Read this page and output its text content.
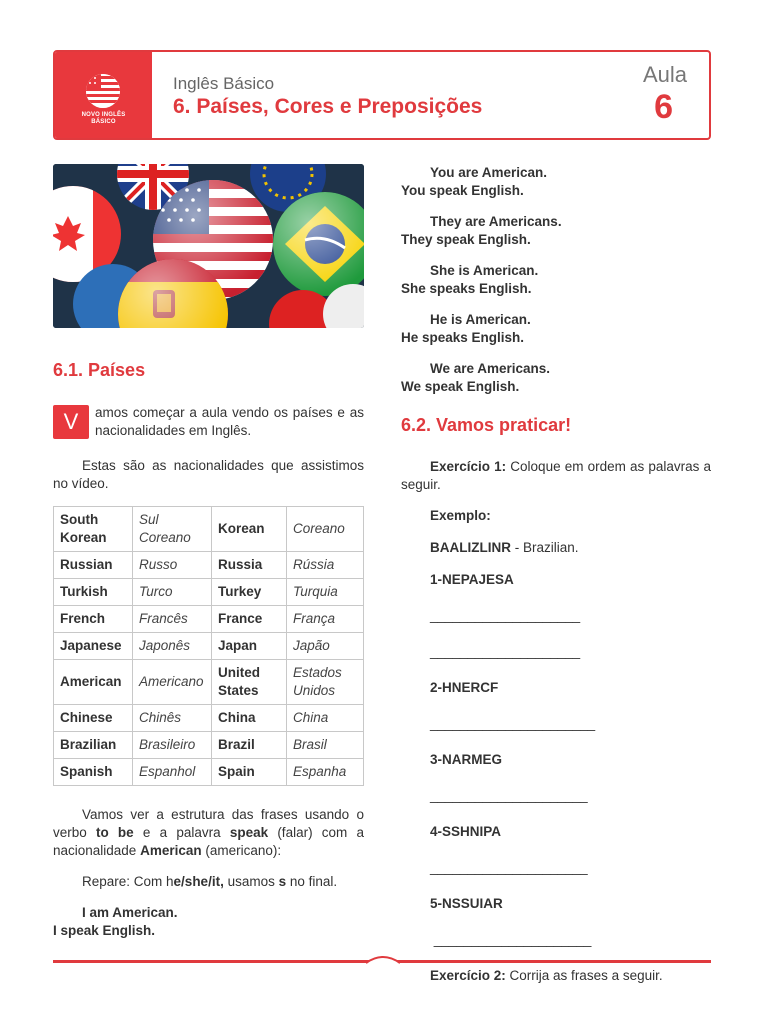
NOVO INGLÊS
BÁSICO
Inglês Básico
6. Países, Cores e Preposições
Aula
6
6.1. Países
V	amos começar a aula vendo os países e as nacionalidades em Inglês.

Estas são as nacionalidades que assistimos no vídeo.

South Korean	Sul Coreano	Korean	Coreano
Russian	Russo	Russia	Rússia
Turkish	Turco	Turkey	Turquia
French	Francês	France	França
Japanese	Japonês	Japan	Japão
American	Americano	United States	Estados Unidos
Chinese	Chinês	China	China
Brazilian	Brasileiro	Brazil	Brasil
Spanish	Espanhol	Spain	Espanha

Vamos ver a estrutura das frases usando o verbo to be e a palavra speak (falar) com a nacionalidade American (americano):

Repare: Com he/she/it, usamos s no final.

I am American.

I speak English.

You are American.

You speak English.

They are Americans.

They speak English.

She is American.

She speaks English.

He is American.

He speaks English.

We are Americans.

We speak English.

6.2. Vamos praticar!

Exercício 1: Coloque em ordem as palavras a seguir.

Exemplo:

BAALIZLINR - Brazilian.

1-NEPAJESA

____________________

____________________

2-HNERCF

______________________

3-NARMEG

_____________________

4-SSHNIPA

_____________________

5-NSSUIAR

_____________________

Exercício 2: Corrija as frases a seguir.
